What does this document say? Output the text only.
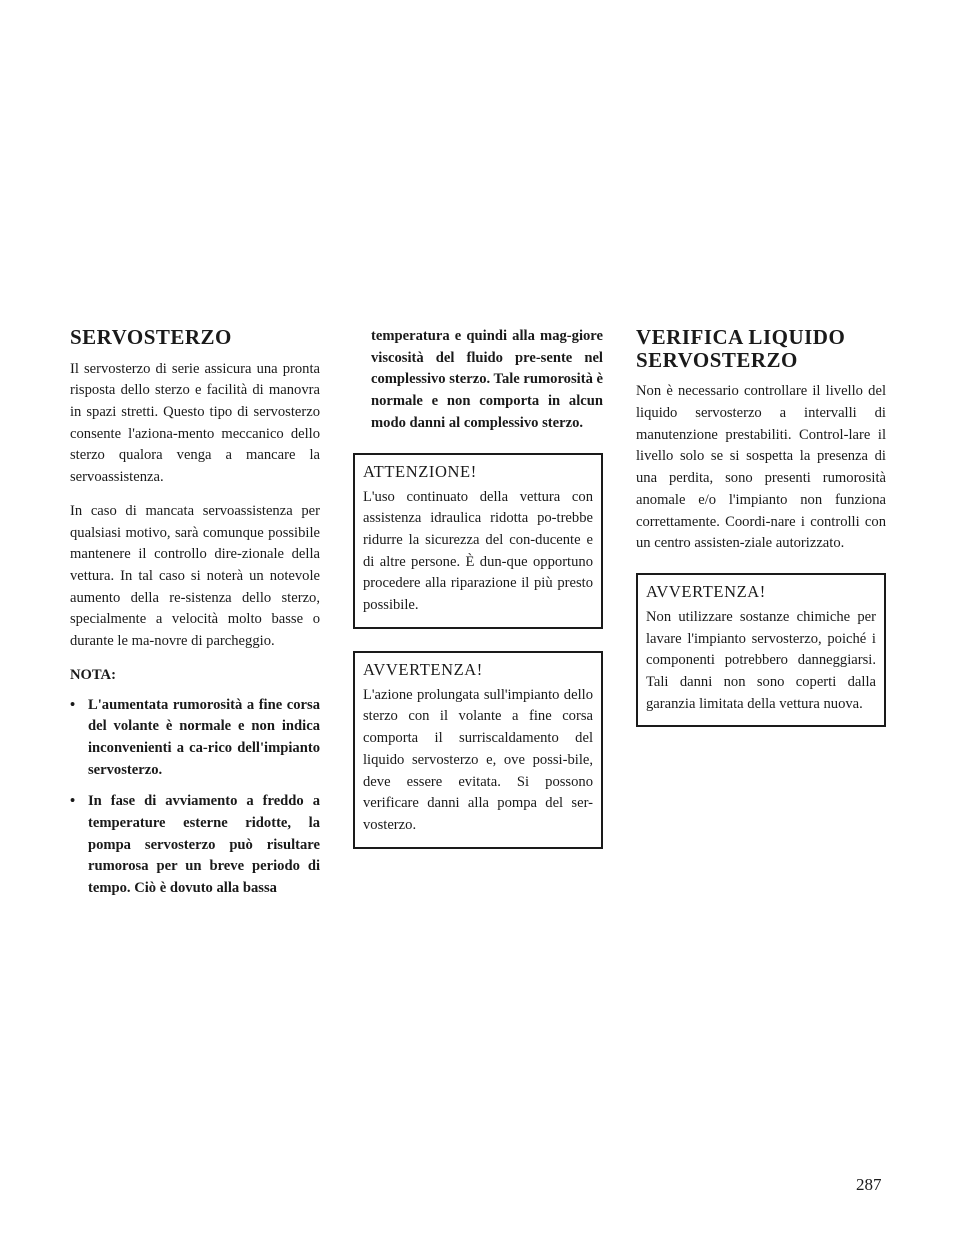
SERVOSTERZO

Il servosterzo di serie assicura una pronta risposta dello sterzo e facilità di manovra in spazi stretti. Questo tipo di servosterzo consente l'aziona-mento meccanico dello sterzo qualora venga a mancare la servoassistenza.

In caso di mancata servoassistenza per qualsiasi motivo, sarà comunque possibile mantenere il controllo dire-zionale della vettura. In tal caso si noterà un notevole aumento della re-sistenza dello sterzo, specialmente a velocità molto basse o durante le ma-novre di parcheggio.

NOTA:
• L'aumentata rumorosità a fine corsa del volante è normale e non indica inconvenienti a ca-rico dell'impianto servosterzo.
• In fase di avviamento a freddo a temperature esterne ridotte, la pompa servosterzo può risultare rumorosa per un breve periodo di tempo. Ciò è dovuto alla bassa

temperatura e quindi alla mag-giore viscosità del fluido pre-sente nel complessivo sterzo. Tale rumorosità è normale e non comporta in alcun modo danni al complessivo sterzo.

ATTENZIONE!

L'uso continuato della vettura con assistenza idraulica ridotta po-trebbe ridurre la sicurezza del con-ducente e di altre persone. È dun-que opportuno procedere alla riparazione il più presto possibile.

AVVERTENZA!

L'azione prolungata sull'impianto dello sterzo con il volante a fine corsa comporta il surriscaldamento del liquido servosterzo e, ove possi-bile, deve essere evitata. Si possono verificare danni alla pompa del ser-vosterzo.

VERIFICA LIQUIDO
SERVOSTERZO

Non è necessario controllare il livello del liquido servosterzo a intervalli di manutenzione prestabiliti. Control-lare il livello solo se si sospetta la presenza di una perdita, sono presenti rumorosità anomale e/o l'impianto non funziona correttamente. Coordi-nare i controlli con un centro assisten-ziale autorizzato.

AVVERTENZA!

Non utilizzare sostanze chimiche per lavare l'impianto servosterzo, poiché i componenti potrebbero danneggiarsi. Tali danni non sono coperti dalla garanzia limitata della vettura nuova.

287
